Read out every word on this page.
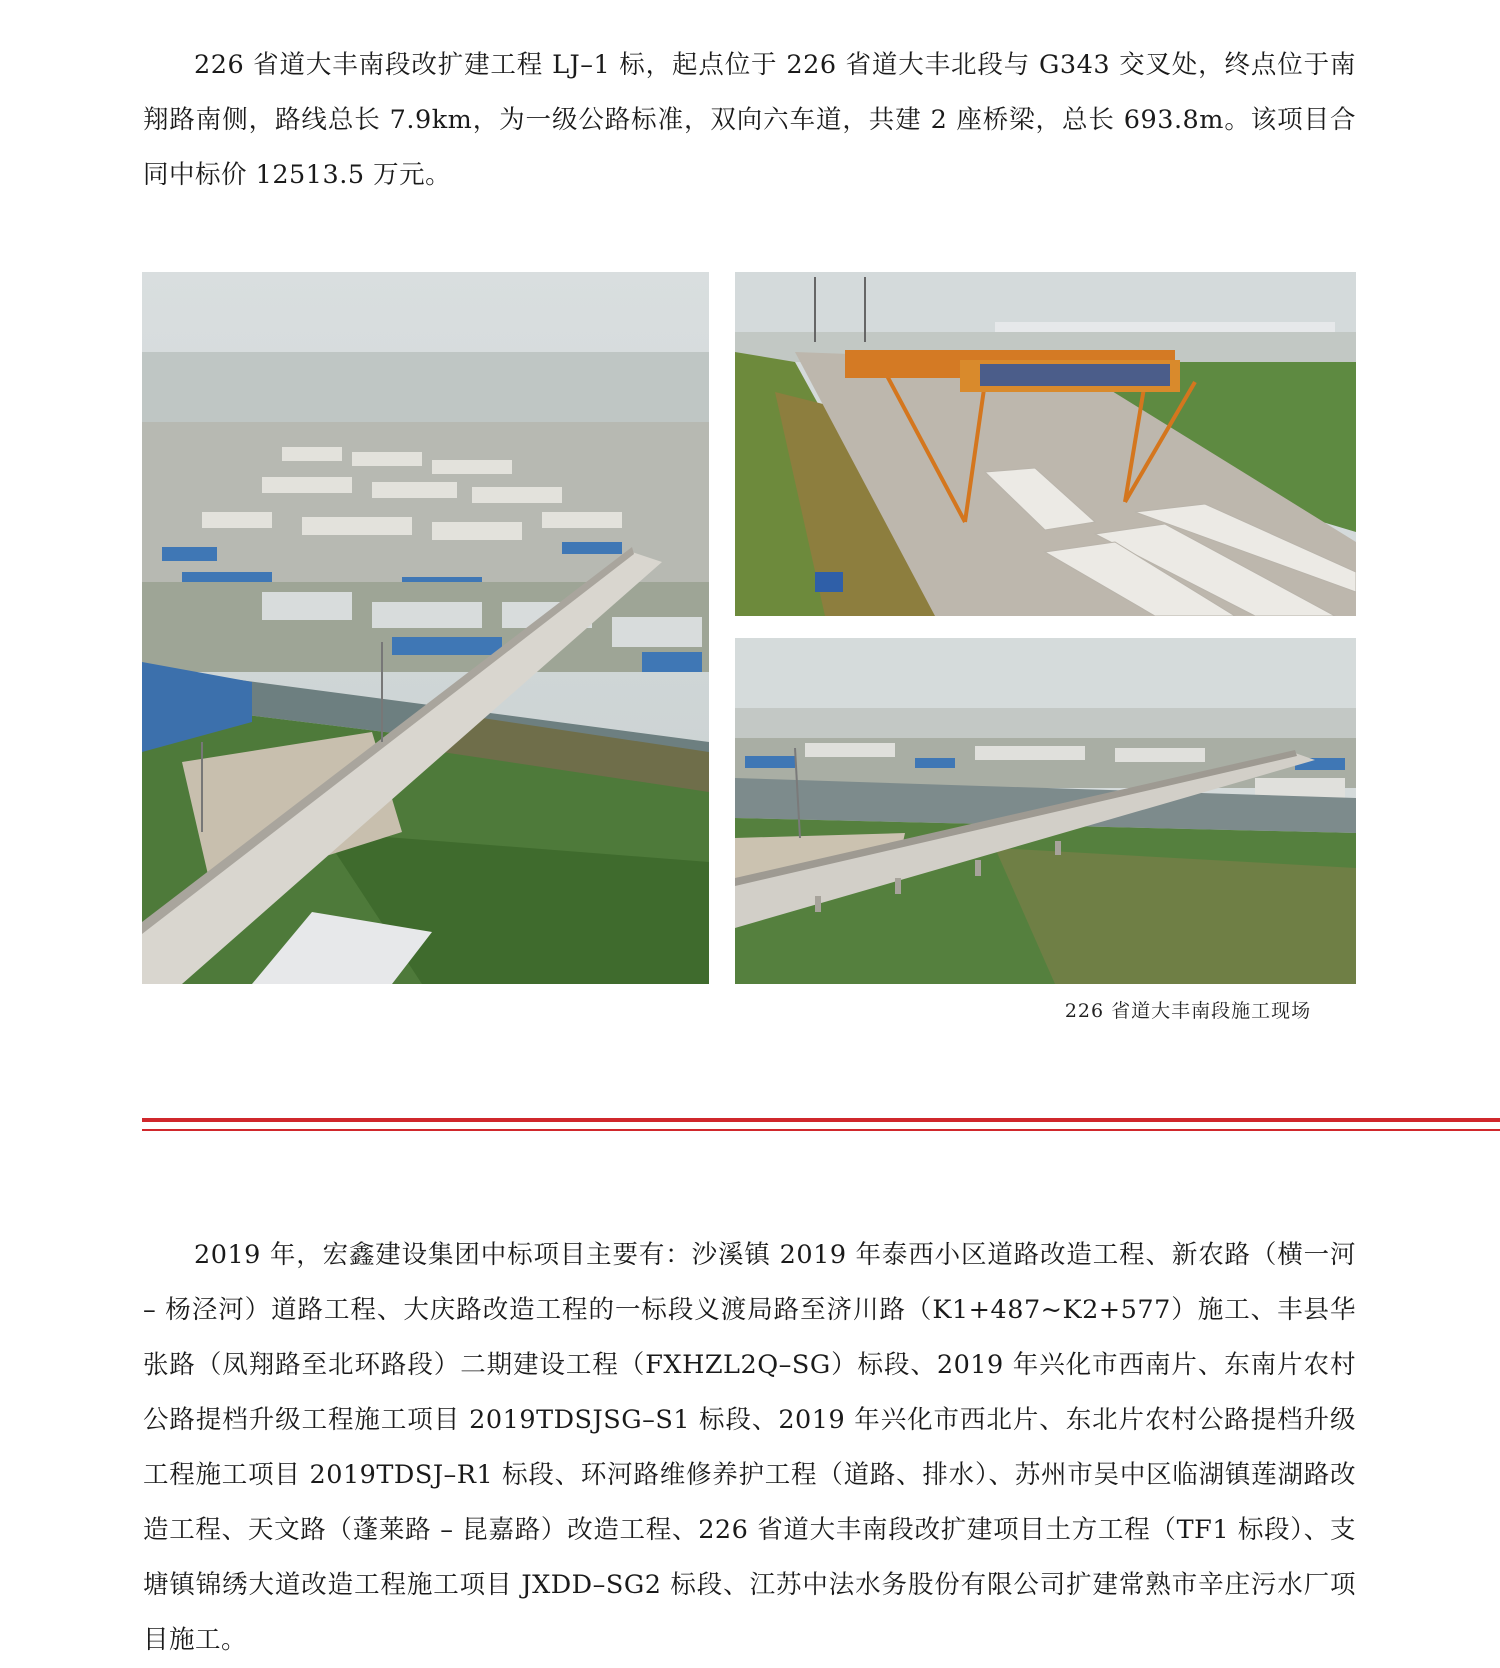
226 省道大丰南段改扩建工程 LJ–1 标，起点位于 226 省道大丰北段与 G343 交叉处，终点位于南翔路南侧，路线总长 7.9km，为一级公路标准，双向六车道，共建 2 座桥梁，总长 693.8m。该项目合同中标价 12513.5 万元。

226 省道大丰南段施工现场

2019 年，宏鑫建设集团中标项目主要有：沙溪镇 2019 年泰西小区道路改造工程、新农路（横一河 – 杨泾河）道路工程、大庆路改造工程的一标段义渡局路至济川路（K1+487~K2+577）施工、丰县华张路（凤翔路至北环路段）二期建设工程（FXHZL2Q–SG）标段、2019 年兴化市西南片、东南片农村公路提档升级工程施工项目 2019TDSJSG–S1 标段、2019 年兴化市西北片、东北片农村公路提档升级工程施工项目 2019TDSJ–R1 标段、环河路维修养护工程（道路、排水）、苏州市吴中区临湖镇莲湖路改造工程、天文路（蓬莱路 – 昆嘉路）改造工程、226 省道大丰南段改扩建项目土方工程（TF1 标段）、支塘镇锦绣大道改造工程施工项目 JXDD–SG2 标段、江苏中法水务股份有限公司扩建常熟市辛庄污水厂项目施工。
